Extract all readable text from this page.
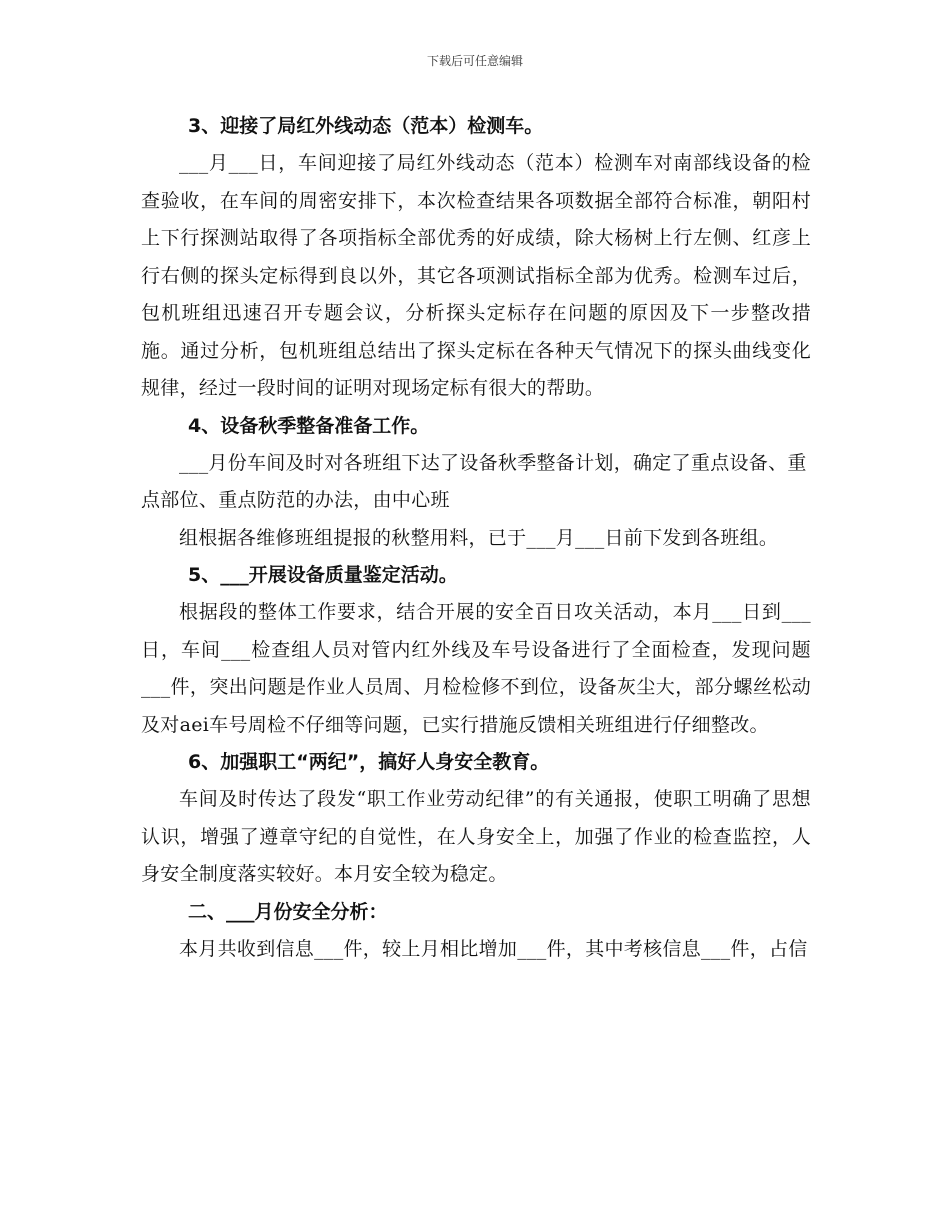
下载后可任意编辑
3、迎接了局红外线动态（范本）检测车。

___月___日，车间迎接了局红外线动态（范本）检测车对南部线设备的检查验收，在车间的周密安排下，本次检查结果各项数据全部符合标准，朝阳村上下行探测站取得了各项指标全部优秀的好成绩，除大杨树上行左侧、红彦上行右侧的探头定标得到良以外，其它各项测试指标全部为优秀。检测车过后，包机班组迅速召开专题会议，分析探头定标存在问题的原因及下一步整改措施。通过分析，包机班组总结出了探头定标在各种天气情况下的探头曲线变化规律，经过一段时间的证明对现场定标有很大的帮助。

4、设备秋季整备准备工作。

___月份车间及时对各班组下达了设备秋季整备计划，确定了重点设备、重点部位、重点防范的办法，由中心班

组根据各维修班组提报的秋整用料，已于___月___日前下发到各班组。

5、___开展设备质量鉴定活动。

根据段的整体工作要求，结合开展的安全百日攻关活动，本月___日到___日，车间___检查组人员对管内红外线及车号设备进行了全面检查，发现问题___件，突出问题是作业人员周、月检检修不到位，设备灰尘大，部分螺丝松动及对aei车号周检不仔细等问题，已实行措施反馈相关班组进行仔细整改。

6、加强职工“两纪”，搞好人身安全教育。

车间及时传达了段发“职工作业劳动纪律”的有关通报，使职工明确了思想认识，增强了遵章守纪的自觉性，在人身安全上，加强了作业的检查监控，人身安全制度落实较好。本月安全较为稳定。

二、___月份安全分析：

本月共收到信息___件，较上月相比增加___件，其中考核信息___件，占信
